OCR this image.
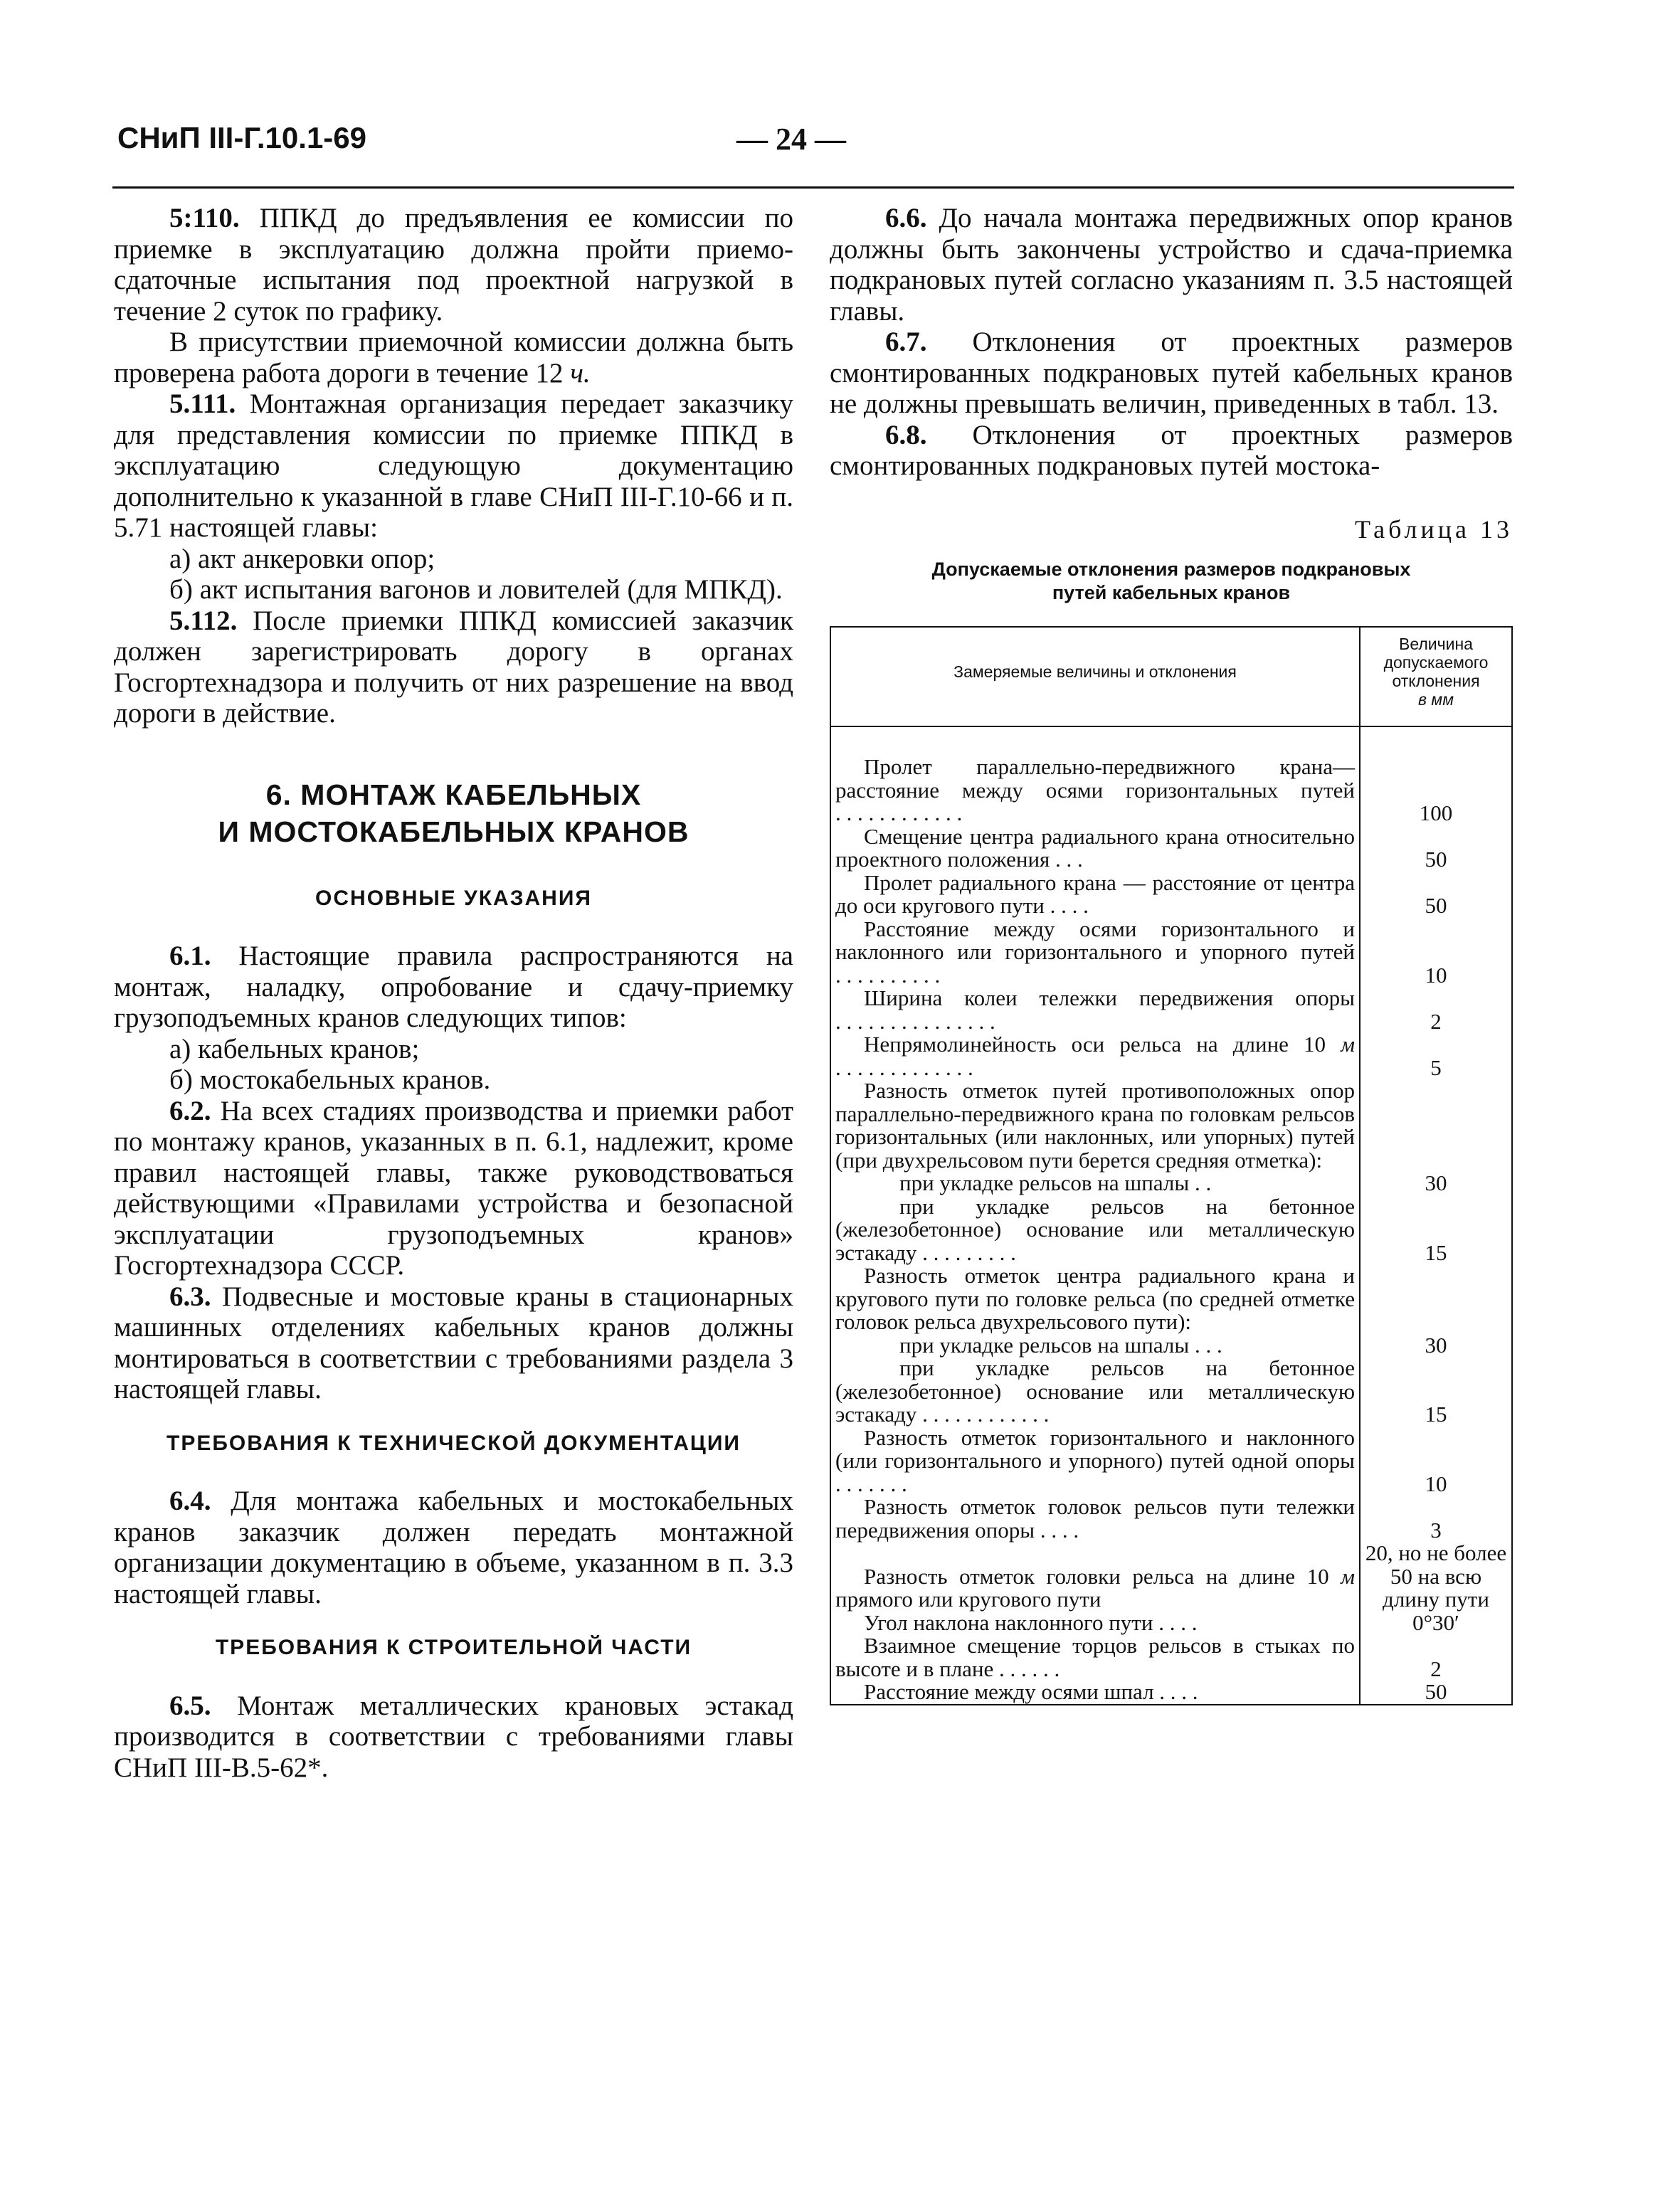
СНиП III-Г.10.1-69	— 24 —

5:110. ППКД до предъявления ее комиссии по приемке в эксплуатацию должна пройти приемо-сдаточные испытания под проектной нагрузкой в течение 2 суток по графику.

В присутствии приемочной комиссии должна быть проверена работа дороги в течение 12 ч.

5.111. Монтажная организация передает заказчику для представления комиссии по приемке ППКД в эксплуатацию следующую документацию дополнительно к указанной в главе СНиП III-Г.10-66 и п. 5.71 настоящей главы:

а) акт анкеровки опор;

б) акт испытания вагонов и ловителей (для МПКД).

5.112. После приемки ППКД комиссией заказчик должен зарегистрировать дорогу в органах Госгортехнадзора и получить от них разрешение на ввод дороги в действие.

6. МОНТАЖ КАБЕЛЬНЫХ
И МОСТОКАБЕЛЬНЫХ КРАНОВ
ОСНОВНЫЕ УКАЗАНИЯ

6.1. Настоящие правила распространяются на монтаж, наладку, опробование и сдачу-приемку грузоподъемных кранов следующих типов:

а) кабельных кранов;
б) мостокабельных кранов.

6.2. На всех стадиях производства и приемки работ по монтажу кранов, указанных в п. 6.1, надлежит, кроме правил настоящей главы, также руководствоваться действующими «Правилами устройства и безопасной эксплуатации грузоподъемных кранов» Госгортехнадзора СССР.

6.3. Подвесные и мостовые краны в стационарных машинных отделениях кабельных кранов должны монтироваться в соответствии с требованиями раздела 3 настоящей главы.

ТРЕБОВАНИЯ К ТЕХНИЧЕСКОЙ ДОКУМЕНТАЦИИ

6.4. Для монтажа кабельных и мостокабельных кранов заказчик должен передать монтажной организации документацию в объеме, указанном в п. 3.3 настоящей главы.

ТРЕБОВАНИЯ К СТРОИТЕЛЬНОЙ ЧАСТИ

6.5. Монтаж металлических крановых эстакад производится в соответствии с требованиями главы СНиП III-В.5-62*.

6.6. До начала монтажа передвижных опор кранов должны быть закончены устройство и сдача-приемка подкрановых путей согласно указаниям п. 3.5 настоящей главы.

6.7. Отклонения от проектных размеров смонтированных подкрановых путей кабельных кранов не должны превышать величин, приведенных в табл. 13.

6.8. Отклонения от проектных размеров смонтированных подкрановых путей мостока-

Таблица 13
Допускаемые отклонения размеров подкрановых
путей кабельных кранов
Замеряемые величины и отклонения	Величина
допускаемого
отклонения
в мм

Пролет параллельно-передвижного крана—расстояние между осями горизонтальных путей . . . . . . . . . . . .	100
Смещение центра радиального крана относительно проектного положения . . .	50
Пролет радиального крана — расстояние от центра до оси кругового пути . . . .	50
Расстояние между осями горизонтального и наклонного или горизонтального и упорного путей . . . . . . . . . .	10
Ширина колеи тележки передвижения опоры . . . . . . . . . . . . . . .	2
Непрямолинейность оси рельса на длине 10 м . . . . . . . . . . . . .	5
Разность отметок путей противоположных опор параллельно-передвижного крана по головкам рельсов горизонтальных (или наклонных, или упорных) путей (при двухрельсовом пути берется средняя отметка):	
при укладке рельсов на шпалы . .	30
при укладке рельсов на бетонное (железобетонное) основание или металлическую эстакаду . . . . . . . . .	15
Разность отметок центра радиального крана и кругового пути по головке рельса (по средней отметке головок рельса двухрельсового пути):	
при укладке рельсов на шпалы . . .	30
при укладке рельсов на бетонное (железобетонное) основание или металлическую эстакаду . . . . . . . . . . . .	15
Разность отметок горизонтального и наклонного (или горизонтального и упорного) путей одной опоры . . . . . . .	10
Разность отметок головок рельсов пути тележки передвижения опоры . . . .	3
Разность отметок головки рельса на длине 10 м прямого или кругового пути	20, но не более 50 на всю длину пути
Угол наклона наклонного пути . . . .	0°30′
Взаимное смещение торцов рельсов в стыках по высоте и в плане . . . . . .	2
Расстояние между осями шпал . . . .	50
